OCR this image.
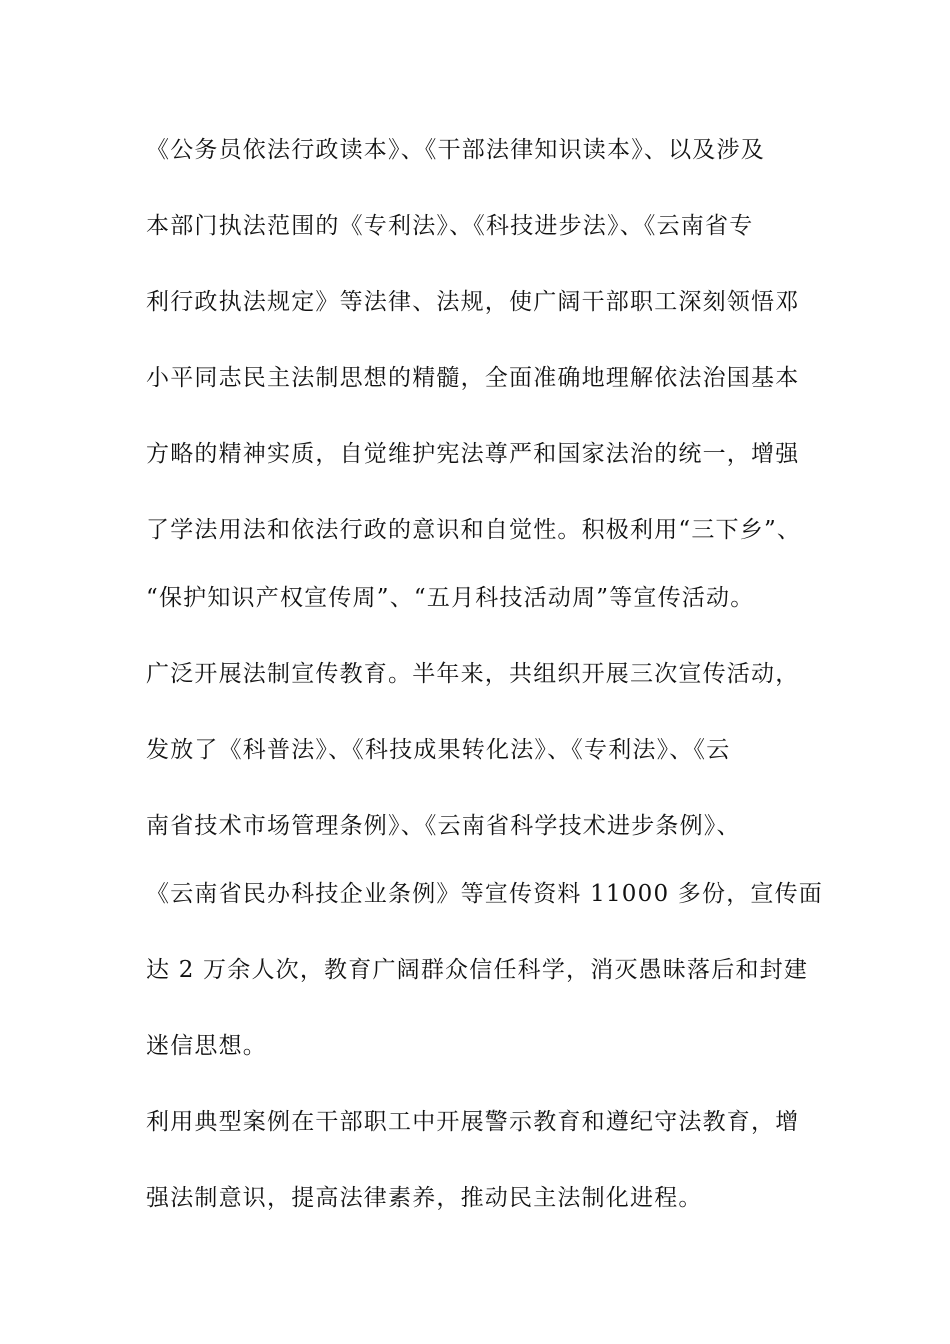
《公务员依法行政读本》、《干部法律知识读本》、以及涉及
本部门执法范围的《专利法》、《科技进步法》、《云南省专
利行政执法规定》等法律、法规，使广阔干部职工深刻领悟邓
小平同志民主法制思想的精髓，全面准确地理解依法治国基本
方略的精神实质，自觉维护宪法尊严和国家法治的统一，增强
了学法用法和依法行政的意识和自觉性。积极利用“三下乡”、
“保护知识产权宣传周”、“五月科技活动周”等宣传活动。
广泛开展法制宣传教育。半年来，共组织开展三次宣传活动，
发放了《科普法》、《科技成果转化法》、《专利法》、《云
南省技术市场管理条例》、《云南省科学技术进步条例》、
《云南省民办科技企业条例》等宣传资料 11000 多份，宣传面
达 2 万余人次，教育广阔群众信任科学，消灭愚昧落后和封建
迷信思想。
利用典型案例在干部职工中开展警示教育和遵纪守法教育，增
强法制意识，提高法律素养，推动民主法制化进程。
